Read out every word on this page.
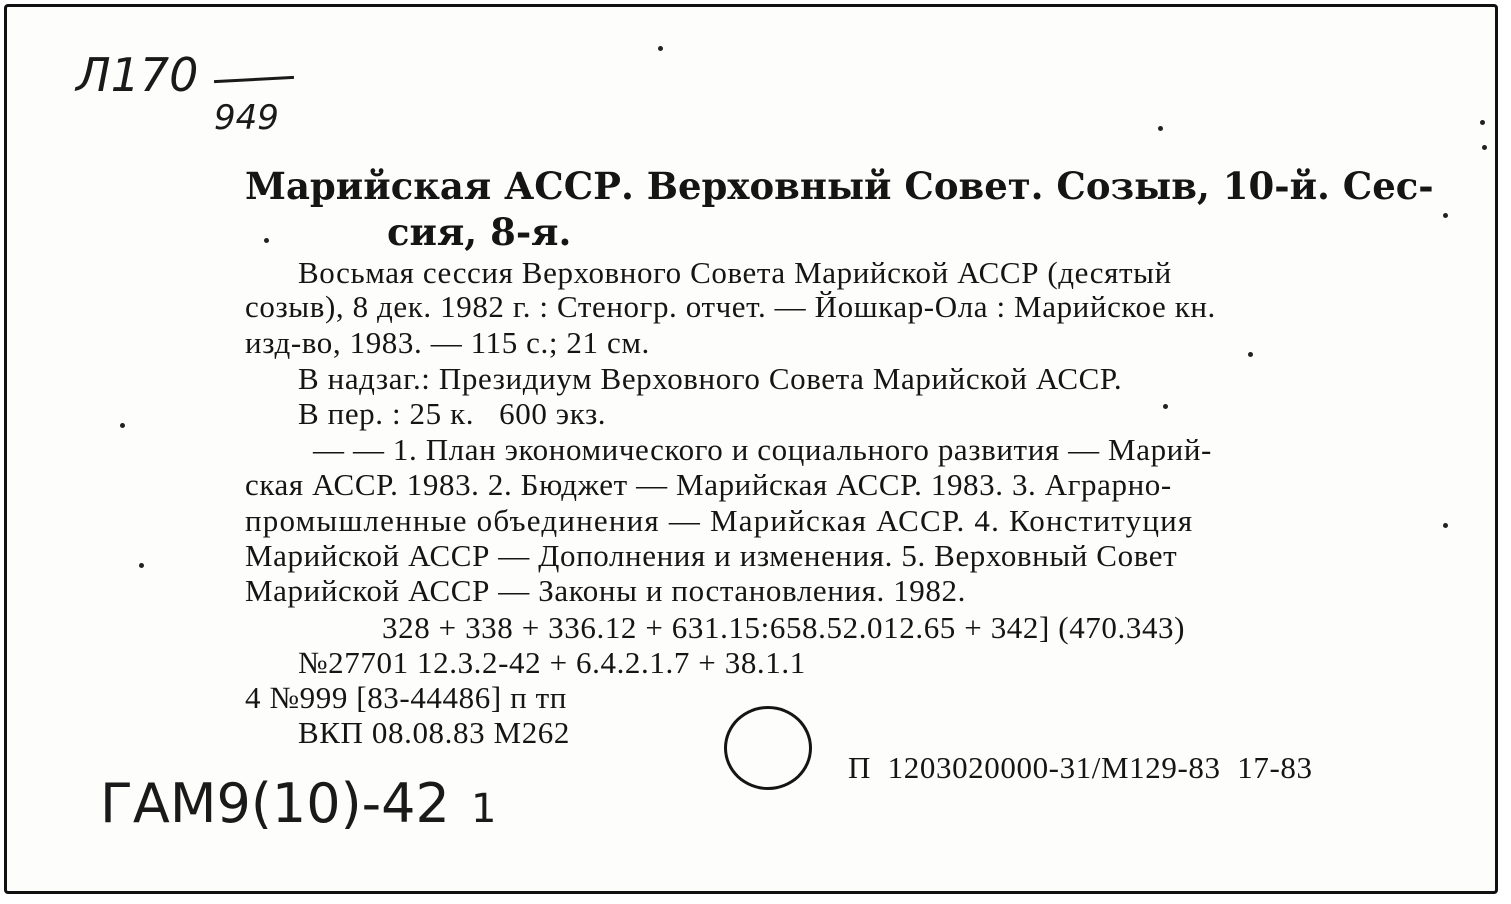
Л170
949
Марийская АССР. Верховный Совет. Созыв, 10-й. Сес-
сия, 8-я.
Восьмая сессия Верховного Совета Марийской АССР (десятый
созыв), 8 дек. 1982 г. : Стеногр. отчет. — Йошкар-Ола : Марийское кн.
изд-во, 1983. — 115 с.; 21 см.
В надзаг.: Президиум Верховного Совета Марийской АССР.
В пер. : 25 к.   600 экз.
— — 1. План экономического и социального развития — Марий-
ская АССР. 1983. 2. Бюджет — Марийская АССР. 1983. 3. Аграрно-
промышленные объединения — Марийская АССР. 4. Конституция
Марийской АССР — Дополнения и изменения. 5. Верховный Совет
Марийской АССР — Законы и постановления. 1982.
328 + 338 + 336.12 + 631.15:658.52.012.65 + 342] (470.343)
№27701 12.3.2-42 + 6.4.2.1.7 + 38.1.1
4 №999 [83-44486] п тп
ВКП 08.08.83 М262
П  1203020000-31/М129-83  17-83
ГАМ9(10)-42 1
